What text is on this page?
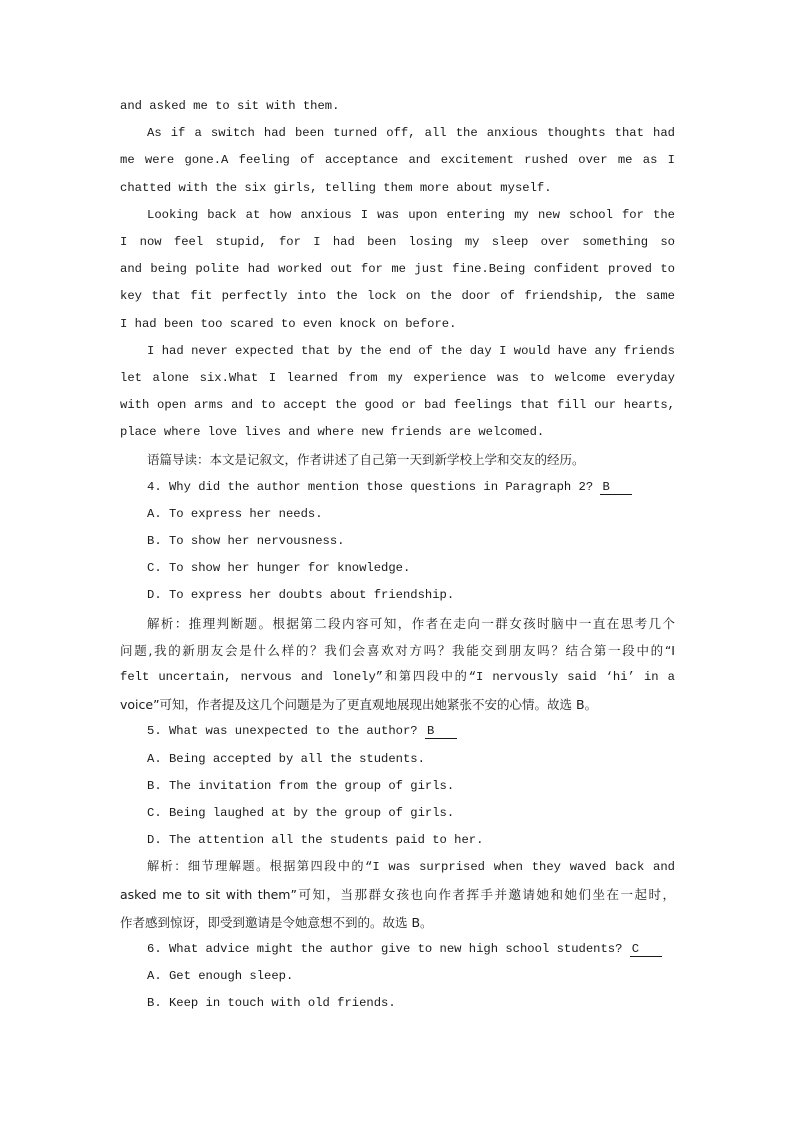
and asked me to sit with them.
As if a switch had been turned off, all the anxious thoughts that had
me were gone.A feeling of acceptance and excitement rushed over me as I
chatted with the six girls, telling them more about myself.
Looking back at how anxious I was upon entering my new school for the
I now feel stupid, for I had been losing my sleep over something so
and being polite had worked out for me just fine.Being confident proved to
key that fit perfectly into the lock on the door of friendship, the same
I had been too scared to even knock on before.
I had never expected that by the end of the day I would have any friends
let alone six.What I learned from my experience was to welcome everyday
with open arms and to accept the good or bad feelings that fill our hearts,
place where love lives and where new friends are welcomed.
语篇导读：本文是记叙文，作者讲述了自己第一天到新学校上学和交友的经历。
4. Why did the author mention those questions in Paragraph 2? B
A. To express her needs.
B. To show her nervousness.
C. To show her hunger for knowledge.
D. To express her doubts about friendship.
解析：推理判断题。根据第二段内容可知，作者在走向一群女孩时脑中一直在思考几个
问题,我的新朋友会是什么样的？我们会喜欢对方吗？我能交到朋友吗？结合第一段中的“I
felt uncertain, nervous and lonely”和第四段中的“I nervously said ‘hi’ in a
voice”可知，作者提及这几个问题是为了更直观地展现出她紧张不安的心情。故选 B。
5. What was unexpected to the author? B
A. Being accepted by all the students.
B. The invitation from the group of girls.
C. Being laughed at by the group of girls.
D. The attention all the students paid to her.
解析：细节理解题。根据第四段中的“I was surprised when they waved back and
asked me to sit with them”可知，当那群女孩也向作者挥手并邀请她和她们坐在一起时，
作者感到惊讶，即受到邀请是令她意想不到的。故选 B。
6. What advice might the author give to new high school students? C
A. Get enough sleep.
B. Keep in touch with old friends.
